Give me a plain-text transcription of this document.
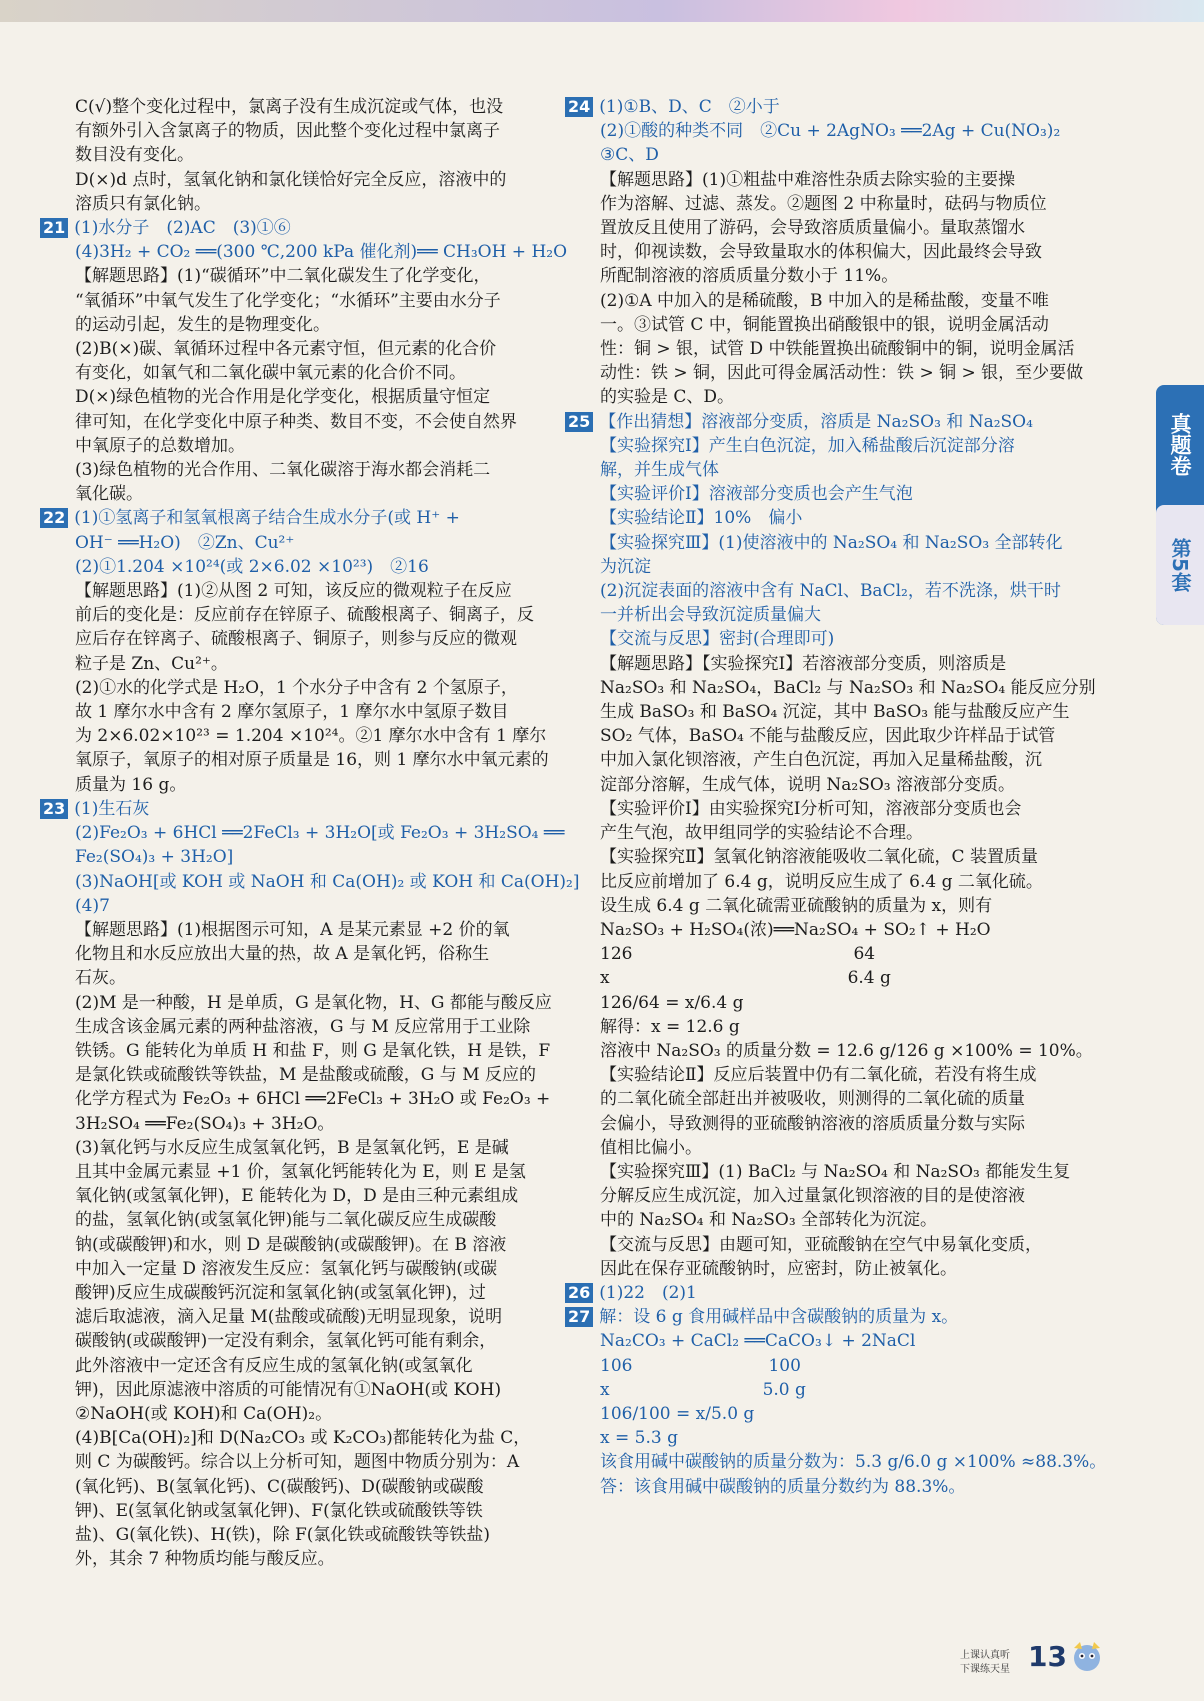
C(√)整个变化过程中，氯离子没有生成沉淀或气体，也没
有额外引入含氯离子的物质，因此整个变化过程中氯离子
数目没有变化。
D(×)d 点时，氢氧化钠和氯化镁恰好完全反应，溶液中的
溶质只有氯化钠。
21 (1)水分子　(2)AC　(3)①⑥
(4)3H₂ + CO₂ ══(300 ℃,200 kPa 催化剂)══ CH₃OH + H₂O
【解题思路】(1)“碳循环”中二氧化碳发生了化学变化，
“氧循环”中氧气发生了化学变化；“水循环”主要由水分子
的运动引起，发生的是物理变化。
(2)B(×)碳、氧循环过程中各元素守恒，但元素的化合价
有变化，如氧气和二氧化碳中氧元素的化合价不同。
D(×)绿色植物的光合作用是化学变化，根据质量守恒定
律可知，在化学变化中原子种类、数目不变，不会使自然界
中氧原子的总数增加。
(3)绿色植物的光合作用、二氧化碳溶于海水都会消耗二
氧化碳。
22 (1)①氢离子和氢氧根离子结合生成水分子(或 H⁺ +
OH⁻ ══H₂O)　②Zn、Cu²⁺
(2)①1.204 ×10²⁴(或 2×6.02 ×10²³)　②16
【解题思路】(1)②从图 2 可知，该反应的微观粒子在反应
前后的变化是：反应前存在锌原子、硫酸根离子、铜离子，反
应后存在锌离子、硫酸根离子、铜原子，则参与反应的微观
粒子是 Zn、Cu²⁺。
(2)①水的化学式是 H₂O，1 个水分子中含有 2 个氢原子，
故 1 摩尔水中含有 2 摩尔氢原子，1 摩尔水中氢原子数目
为 2×6.02×10²³ = 1.204 ×10²⁴。②1 摩尔水中含有 1 摩尔
氧原子，氧原子的相对原子质量是 16，则 1 摩尔水中氧元素的
质量为 16 g。
23 (1)生石灰
(2)Fe₂O₃ + 6HCl ══2FeCl₃ + 3H₂O[或 Fe₂O₃ + 3H₂SO₄ ══
Fe₂(SO₄)₃ + 3H₂O]
(3)NaOH[或 KOH 或 NaOH 和 Ca(OH)₂ 或 KOH 和 Ca(OH)₂]
(4)7
【解题思路】(1)根据图示可知，A 是某元素显 +2 价的氧
化物且和水反应放出大量的热，故 A 是氧化钙，俗称生
石灰。
(2)M 是一种酸，H 是单质，G 是氧化物，H、G 都能与酸反应
生成含该金属元素的两种盐溶液，G 与 M 反应常用于工业除
铁锈。G 能转化为单质 H 和盐 F，则 G 是氧化铁，H 是铁，F
是氯化铁或硫酸铁等铁盐，M 是盐酸或硫酸，G 与 M 反应的
化学方程式为 Fe₂O₃ + 6HCl ══2FeCl₃ + 3H₂O 或 Fe₂O₃ +
3H₂SO₄ ══Fe₂(SO₄)₃ + 3H₂O。
(3)氧化钙与水反应生成氢氧化钙，B 是氢氧化钙，E 是碱
且其中金属元素显 +1 价，氢氧化钙能转化为 E，则 E 是氢
氧化钠(或氢氧化钾)，E 能转化为 D，D 是由三种元素组成
的盐，氢氧化钠(或氢氧化钾)能与二氧化碳反应生成碳酸
钠(或碳酸钾)和水，则 D 是碳酸钠(或碳酸钾)。在 B 溶液
中加入一定量 D 溶液发生反应：氢氧化钙与碳酸钠(或碳
酸钾)反应生成碳酸钙沉淀和氢氧化钠(或氢氧化钾)，过
滤后取滤液，滴入足量 M(盐酸或硫酸)无明显现象，说明
碳酸钠(或碳酸钾)一定没有剩余，氢氧化钙可能有剩余，
此外溶液中一定还含有反应生成的氢氧化钠(或氢氧化
钾)，因此原滤液中溶质的可能情况有①NaOH(或 KOH)
②NaOH(或 KOH)和 Ca(OH)₂。
(4)B[Ca(OH)₂]和 D(Na₂CO₃ 或 K₂CO₃)都能转化为盐 C，
则 C 为碳酸钙。综合以上分析可知，题图中物质分别为：A
(氧化钙)、B(氢氧化钙)、C(碳酸钙)、D(碳酸钠或碳酸
钾)、E(氢氧化钠或氢氧化钾)、F(氯化铁或硫酸铁等铁
盐)、G(氧化铁)、H(铁)，除 F(氯化铁或硫酸铁等铁盐)
外，其余 7 种物质均能与酸反应。
24 (1)①B、D、C　②小于
(2)①酸的种类不同　②Cu + 2AgNO₃ ══2Ag + Cu(NO₃)₂
③C、D
【解题思路】(1)①粗盐中难溶性杂质去除实验的主要操
作为溶解、过滤、蒸发。②题图 2 中称量时，砝码与物质位
置放反且使用了游码，会导致溶质质量偏小。量取蒸馏水
时，仰视读数，会导致量取水的体积偏大，因此最终会导致
所配制溶液的溶质质量分数小于 11%。
(2)①A 中加入的是稀硫酸，B 中加入的是稀盐酸，变量不唯
一。③试管 C 中，铜能置换出硝酸银中的银，说明金属活动
性：铜 > 银，试管 D 中铁能置换出硫酸铜中的铜，说明金属活
动性：铁 > 铜，因此可得金属活动性：铁 > 铜 > 银，至少要做
的实验是 C、D。
25 【作出猜想】溶液部分变质，溶质是 Na₂SO₃ 和 Na₂SO₄
【实验探究Ⅰ】产生白色沉淀，加入稀盐酸后沉淀部分溶
解，并生成气体
【实验评价Ⅰ】溶液部分变质也会产生气泡
【实验结论Ⅱ】10%　偏小
【实验探究Ⅲ】(1)使溶液中的 Na₂SO₄ 和 Na₂SO₃ 全部转化
为沉淀
(2)沉淀表面的溶液中含有 NaCl、BaCl₂，若不洗涤，烘干时
一并析出会导致沉淀质量偏大
【交流与反思】密封(合理即可)
【解题思路】【实验探究Ⅰ】若溶液部分变质，则溶质是
Na₂SO₃ 和 Na₂SO₄，BaCl₂ 与 Na₂SO₃ 和 Na₂SO₄ 能反应分别
生成 BaSO₃ 和 BaSO₄ 沉淀，其中 BaSO₃ 能与盐酸反应产生
SO₂ 气体，BaSO₄ 不能与盐酸反应，因此取少许样品于试管
中加入氯化钡溶液，产生白色沉淀，再加入足量稀盐酸，沉
淀部分溶解，生成气体，说明 Na₂SO₃ 溶液部分变质。
【实验评价Ⅰ】由实验探究Ⅰ分析可知，溶液部分变质也会
产生气泡，故甲组同学的实验结论不合理。
【实验探究Ⅱ】氢氧化钠溶液能吸收二氧化硫，C 装置质量
比反应前增加了 6.4 g，说明反应生成了 6.4 g 二氧化硫。
设生成 6.4 g 二氧化硫需亚硫酸钠的质量为 x，则有
Na₂SO₃ + H₂SO₄(浓)══Na₂SO₄ + SO₂↑ + H₂O
126　　　　　　　　　　　　　64
x　　　　　　　　　　　　　　6.4 g
126/64 = x/6.4 g
解得：x = 12.6 g
溶液中 Na₂SO₃ 的质量分数 = 12.6 g/126 g ×100% = 10%。
【实验结论Ⅱ】反应后装置中仍有二氧化硫，若没有将生成
的二氧化硫全部赶出并被吸收，则测得的二氧化硫的质量
会偏小，导致测得的亚硫酸钠溶液的溶质质量分数与实际
值相比偏小。
【实验探究Ⅲ】(1) BaCl₂ 与 Na₂SO₄ 和 Na₂SO₃ 都能发生复
分解反应生成沉淀，加入过量氯化钡溶液的目的是使溶液
中的 Na₂SO₄ 和 Na₂SO₃ 全部转化为沉淀。
【交流与反思】由题可知，亚硫酸钠在空气中易氧化变质，
因此在保存亚硫酸钠时，应密封，防止被氧化。
26 (1)22　(2)1
27 解：设 6 g 食用碱样品中含碳酸钠的质量为 x。
Na₂CO₃ + CaCl₂ ══CaCO₃↓ + 2NaCl
106　　　　　　　　100
x　　　　　　　　　5.0 g
106/100 = x/5.0 g
x = 5.3 g
该食用碱中碳酸钠的质量分数为：5.3 g/6.0 g ×100% ≈88.3%。
答：该食用碱中碳酸钠的质量分数约为 88.3%。
真题卷
第5套
上课认真听
下课练天星 13
